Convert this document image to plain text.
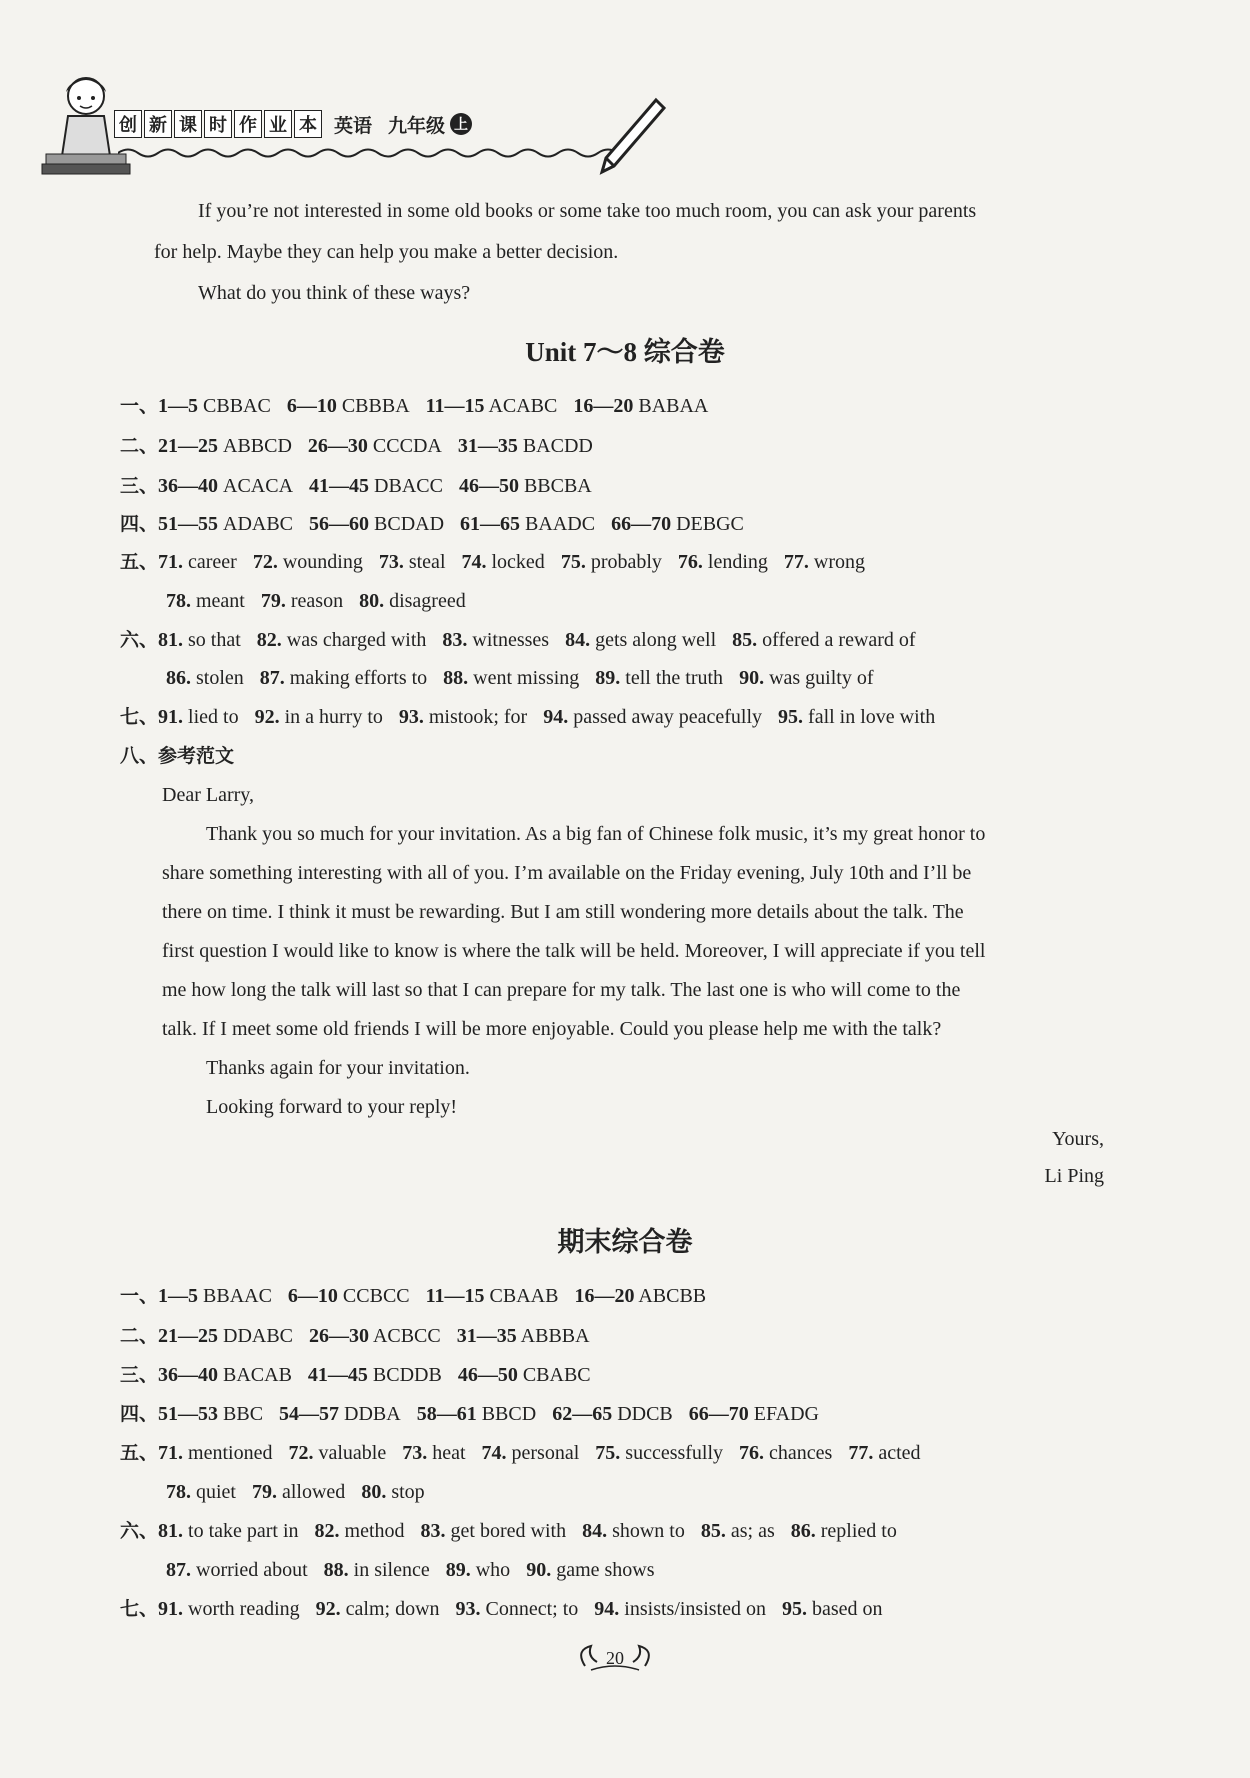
创 新 课 时 作 业 本 英语 九年级 上
If you’re not interested in some old books or some take too much room, you can ask your parents
for help. Maybe they can help you make a better decision.
What do you think of these ways?
Unit 7～8 综合卷
一、1—5 CBBAC 6—10 CBBBA 11—15 ACABC 16—20 BABAA
二、21—25 ABBCD 26—30 CCCDA 31—35 BACDD
三、36—40 ACACA 41—45 DBACC 46—50 BBCBA
四、51—55 ADABC 56—60 BCDAD 61—65 BAADC 66—70 DEBGC
五、71. career 72. wounding 73. steal 74. locked 75. probably 76. lending 77. wrong
78. meant 79. reason 80. disagreed
六、81. so that 82. was charged with 83. witnesses 84. gets along well 85. offered a reward of
86. stolen 87. making efforts to 88. went missing 89. tell the truth 90. was guilty of
七、91. lied to 92. in a hurry to 93. mistook; for 94. passed away peacefully 95. fall in love with
八、参考范文
Dear Larry,
Thank you so much for your invitation. As a big fan of Chinese folk music, it’s my great honor to
share something interesting with all of you. I’m available on the Friday evening, July 10th and I’ll be
there on time. I think it must be rewarding. But I am still wondering more details about the talk. The
first question I would like to know is where the talk will be held. Moreover, I will appreciate if you tell
me how long the talk will last so that I can prepare for my talk. The last one is who will come to the
talk. If I meet some old friends I will be more enjoyable. Could you please help me with the talk?
Thanks again for your invitation.
Looking forward to your reply!
Yours,
Li Ping
期末综合卷
一、1—5 BBAAC 6—10 CCBCC 11—15 CBAAB 16—20 ABCBB
二、21—25 DDABC 26—30 ACBCC 31—35 ABBBA
三、36—40 BACAB 41—45 BCDDB 46—50 CBABC
四、51—53 BBC 54—57 DDBA 58—61 BBCD 62—65 DDCB 66—70 EFADG
五、71. mentioned 72. valuable 73. heat 74. personal 75. successfully 76. chances 77. acted
78. quiet 79. allowed 80. stop
六、81. to take part in 82. method 83. get bored with 84. shown to 85. as; as 86. replied to
87. worried about 88. in silence 89. who 90. game shows
七、91. worth reading 92. calm; down 93. Connect; to 94. insists/insisted on 95. based on
20
